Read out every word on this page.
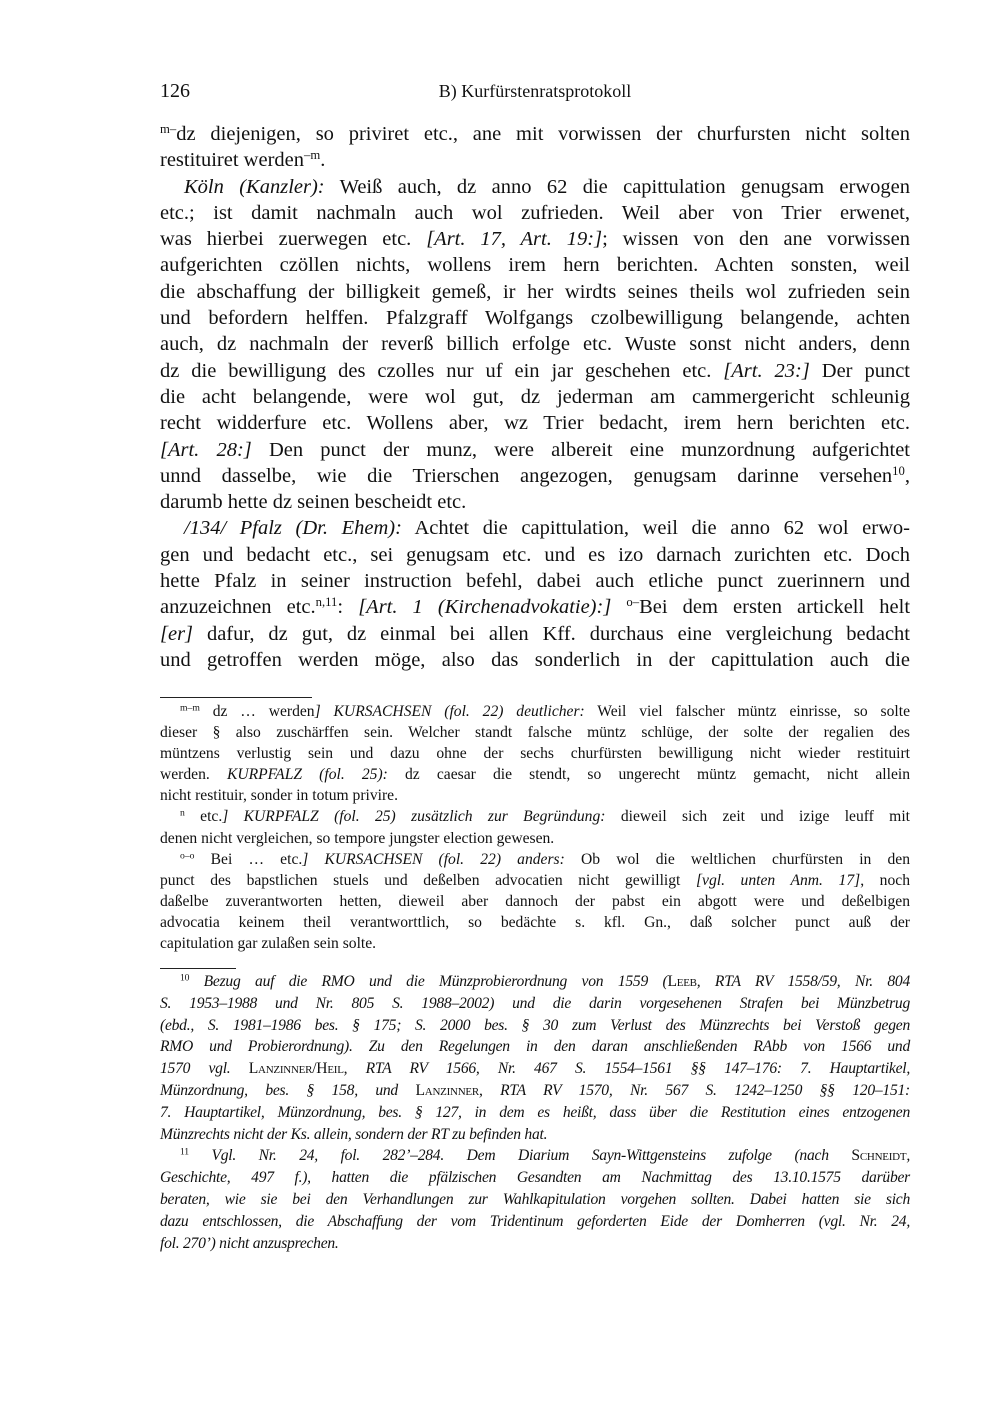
126	B) Kurfürstenratsprotokoll
$^{m-}$dz diejenigen, so priviret etc., ane mit vorwissen der churfursten nicht solten
restituiret werden$^{-m}$.
Köln (Kanzler): Weiß auch, dz anno 62 die capittulation genugsam erwogen
etc.; ist damit nachmaln auch wol zufrieden. Weil aber von Trier erwenet,
was hierbei zuerwegen etc. [Art. 17, Art. 19:]; wissen von den ane vorwissen
aufgerichten czöllen nichts, wollens irem hern berichten. Achten sonsten, weil
die abschaffung der billigkeit gemeß, ir her wirdts seines theils wol zufrieden sein
und befordern helffen. Pfalzgraff Wolfgangs czolbewilligung belangende, achten
auch, dz nachmaln der reverß billich erfolge etc. Wuste sonst nicht anders, denn
dz die bewilligung des czolles nur uf ein jar geschehen etc. [Art. 23:] Der punct
die acht belangende, were wol gut, dz jederman am cammergericht schleunig
recht widderfure etc. Wollens aber, wz Trier bedacht, irem hern berichten etc.
[Art. 28:] Den punct der munz, were albereit eine munzordnung aufgerichtet
unnd dasselbe, wie die Trierschen angezogen, genugsam darinne versehen$^{10}$,
darumb hette dz seinen bescheidt etc.
/134/ Pfalz (Dr. Ehem): Achtet die capittulation, weil die anno 62 wol erwo-
gen und bedacht etc., sei genugsam etc. und es izo darnach zurichten etc. Doch
hette Pfalz in seiner instruction befehl, dabei auch etliche punct zuerinnern und
anzuzeichnen etc.$^{n,11}$: [Art. 1 (Kirchenadvokatie):] $^{o-}$Bei dem ersten artickell helt
[er] dafur, dz gut, dz einmal bei allen Kff. durchaus eine vergleichung bedacht
und getroffen werden möge, also das sonderlich in der capittulation auch die
$^{m-m}$ dz … werden] KURSACHSEN (fol. 22) deutlicher: Weil viel falscher müntz einrisse, so solte
dieser § also zuschärffen sein. Welcher standt falsche müntz schlüge, der solte der regalien des
müntzens verlustig sein und dazu ohne der sechs churfürsten bewilligung nicht wieder restituirt
werden. KURPFALZ (fol. 25): dz caesar die stendt, so ungerecht müntz gemacht, nicht allein
nicht restituir, sonder in totum privire.
$^n$ etc.] KURPFALZ (fol. 25) zusätzlich zur Begründung: dieweil sich zeit und izige leuff mit
denen nicht vergleichen, so tempore jungster election gewesen.
$^{o-o}$ Bei … etc.] KURSACHSEN (fol. 22) anders: Ob wol die weltlichen churfürsten in den
punct des bapstlichen stuels und deßelben advocatien nicht gewilligt [vgl. unten Anm. 17], noch
daßelbe zuverantworten hetten, dieweil aber dannoch der pabst ein abgott were und deßelbigen
advocatia keinem theil verantworttlich, so bedächte s. kfl. Gn., daß solcher punct auß der
capitulation gar zulaßen sein solte.
$^{10}$ Bezug auf die RMO und die Münzprobierordnung von 1559 (Leeb, RTA RV 1558/59, Nr. 804
S. 1953–1988 und Nr. 805 S. 1988–2002) und die darin vorgesehenen Strafen bei Münzbetrug
(ebd., S. 1981–1986 bes. § 175; S. 2000 bes. § 30 zum Verlust des Münzrechts bei Verstoß gegen
RMO und Probierordnung). Zu den Regelungen in den daran anschließenden RAbb von 1566 und
1570 vgl. Lanzinner/Heil, RTA RV 1566, Nr. 467 S. 1554–1561 §§ 147–176: 7. Hauptartikel,
Münzordnung, bes. § 158, und Lanzinner, RTA RV 1570, Nr. 567 S. 1242–1250 §§ 120–151:
7. Hauptartikel, Münzordnung, bes. § 127, in dem es heißt, dass über die Restitution eines entzogenen
Münzrechts nicht der Ks. allein, sondern der RT zu befinden hat.
$^{11}$ Vgl. Nr. 24, fol. 282’–284. Dem Diarium Sayn-Wittgensteins zufolge (nach Schneidt,
Geschichte, 497 f.), hatten die pfälzischen Gesandten am Nachmittag des 13.10.1575 darüber
beraten, wie sie bei den Verhandlungen zur Wahlkapitulation vorgehen sollten. Dabei hatten sie sich
dazu entschlossen, die Abschaffung der vom Tridentinum geforderten Eide der Domherren (vgl. Nr. 24,
fol. 270’) nicht anzusprechen.
